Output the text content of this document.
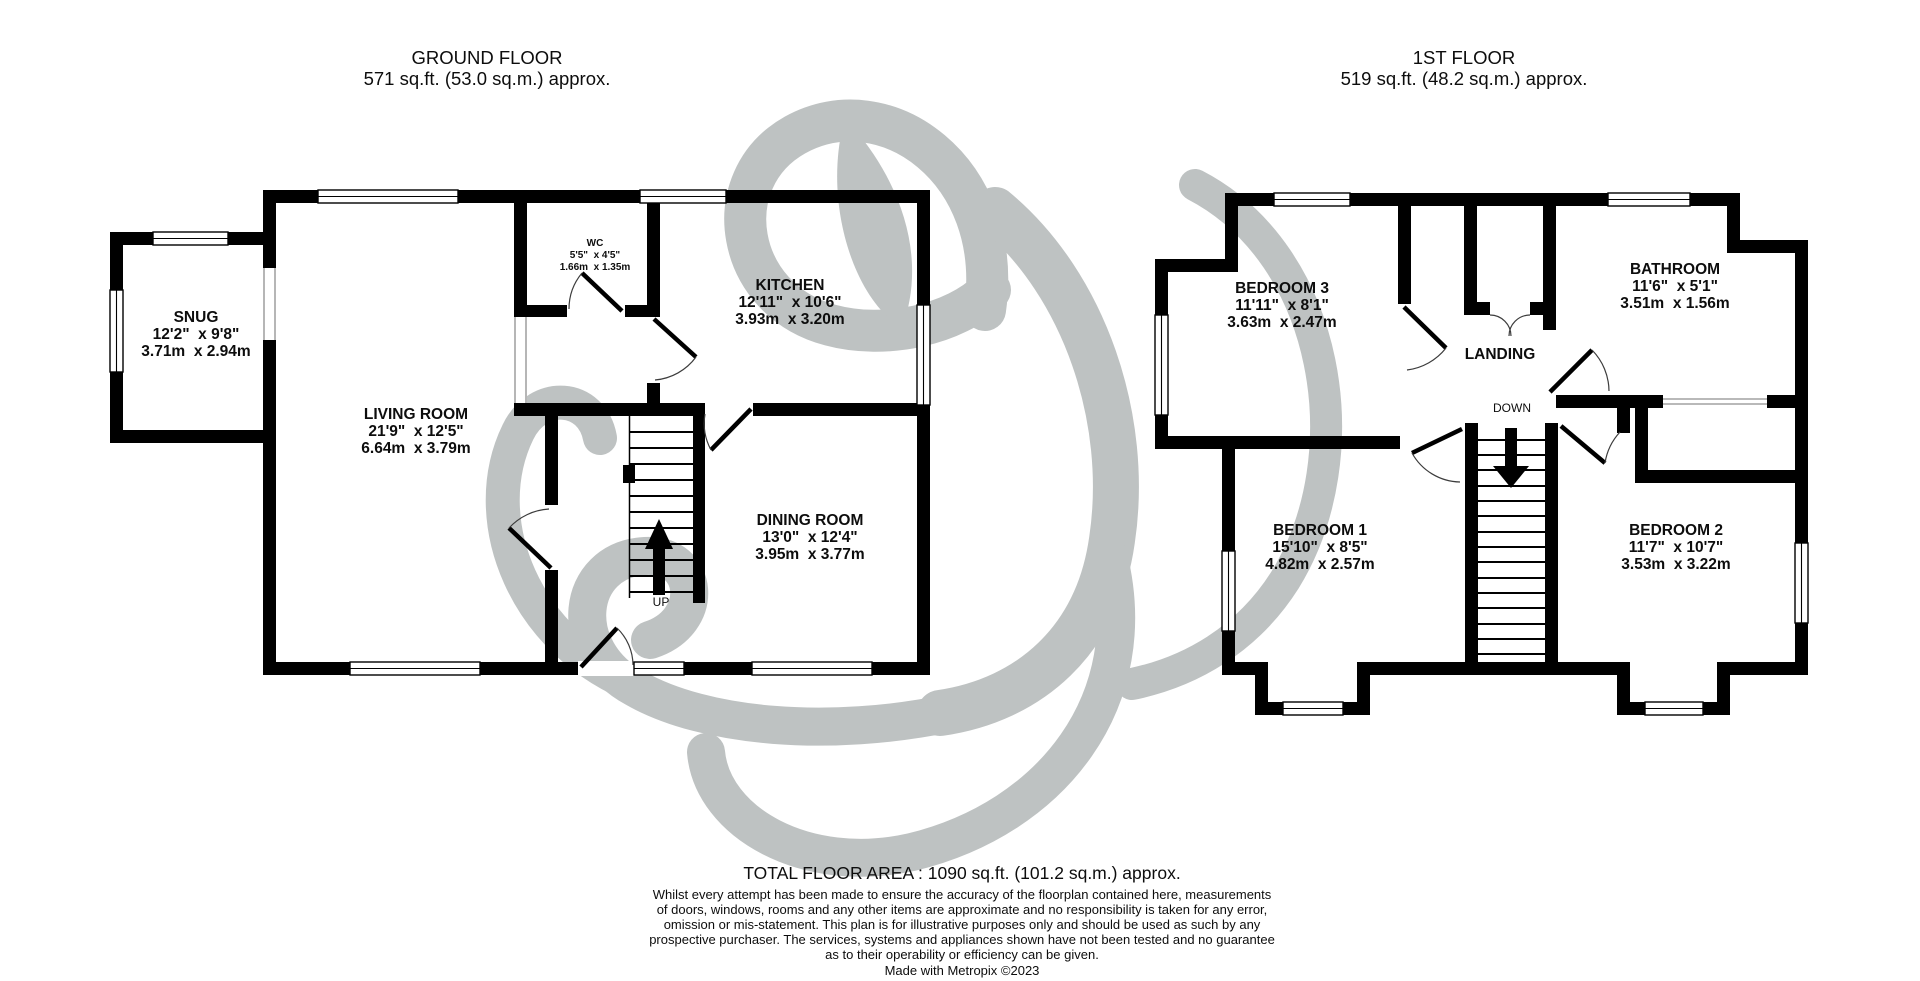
GROUND FLOOR
571 sq.ft. (53.0 sq.m.) approx.
1ST FLOOR
519 sq.ft. (48.2 sq.m.) approx.
SNUG
12'2"  x 9'8"
3.71m  x 2.94m
LIVING ROOM
21'9"  x 12'5"
6.64m  x 3.79m
WC
5'5"  x 4'5"
1.66m  x 1.35m
KITCHEN
12'11"  x 10'6"
3.93m  x 3.20m
DINING ROOM
13'0"  x 12'4"
3.95m  x 3.77m
UP
BEDROOM 3
11'11"  x 8'1"
3.63m  x 2.47m
LANDING
DOWN
BATHROOM
11'6"  x 5'1"
3.51m  x 1.56m
BEDROOM 1
15'10"  x 8'5"
4.82m  x 2.57m
BEDROOM 2
11'7"  x 10'7"
3.53m  x 3.22m
TOTAL FLOOR AREA : 1090 sq.ft. (101.2 sq.m.) approx.
Whilst every attempt has been made to ensure the accuracy of the floorplan contained here, measurements
of doors, windows, rooms and any other items are approximate and no responsibility is taken for any error,
omission or mis-statement. This plan is for illustrative purposes only and should be used as such by any
prospective purchaser. The services, systems and appliances shown have not been tested and no guarantee
as to their operability or efficiency can be given.
Made with Metropix ©2023
